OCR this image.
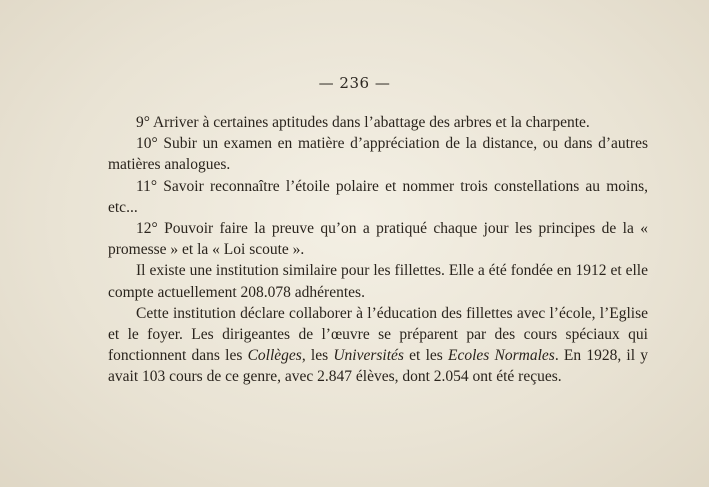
— 236 —

9° Arriver à certaines aptitudes dans l’abattage des arbres et la charpente.

10° Subir un examen en matière d’appréciation de la distance, ou dans d’autres matières analogues.

11° Savoir reconnaître l’étoile polaire et nommer trois constellations au moins, etc...

12° Pouvoir faire la preuve qu’on a pratiqué chaque jour les principes de la « promesse » et la « Loi scoute ».

Il existe une institution similaire pour les fillettes. Elle a été fondée en 1912 et elle compte actuellement 208.078 adhérentes.

Cette institution déclare collaborer à l’éducation des fillettes avec l’école, l’Eglise et le foyer. Les dirigeantes de l’œuvre se préparent par des cours spéciaux qui fonctionnent dans les Collèges, les Universités et les Ecoles Normales. En 1928, il y avait 103 cours de ce genre, avec 2.847 élèves, dont 2.054 ont été reçues.
